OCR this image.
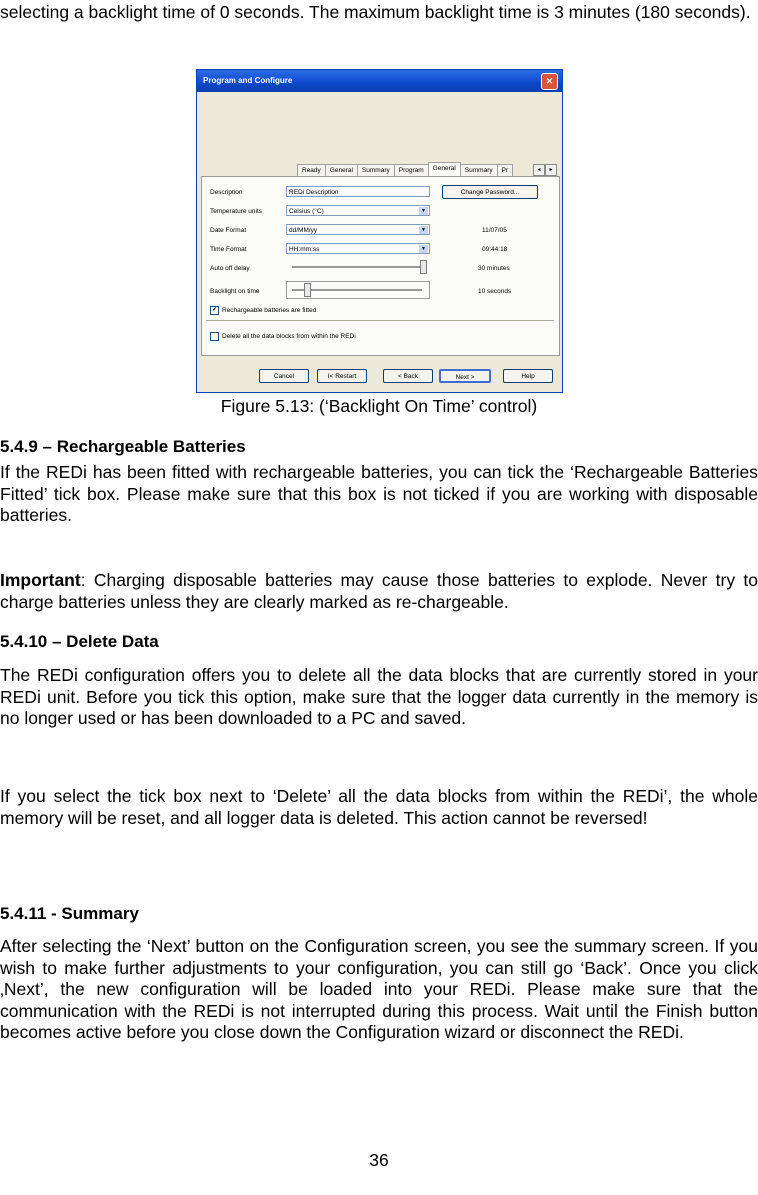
selecting a backlight time of 0 seconds. The maximum backlight time is 3 minutes (180 seconds).

Program and Configure	✕
Ready	General	Summary	Program	General	Summary	Pr	◂	▸
Description	REDi Description	Change Password...
Temperature units	Celsius (°C)	▼
Date Format	dd/MM/yy	▼	11/07/05
Time Format	HH:mm:ss	▼	09:44:18
Auto off delay	30 minutes
Backlight on time	10 seconds
✔ Rechargeable batteries are fitted
Delete all the data blocks from within the REDi
Cancel	I< Restart	< Back	Next >	Help
Figure 5.13: (‘Backlight On Time’ control)
5.4.9 – Rechargeable Batteries

If the REDi has been fitted with rechargeable batteries, you can tick the ‘Rechargeable Batteries Fitted’ tick box. Please make sure that this box is not ticked if you are working with disposable batteries.

Important: Charging disposable batteries may cause those batteries to explode. Never try to charge batteries unless they are clearly marked as re-chargeable.

5.4.10 – Delete Data

The REDi configuration offers you to delete all the data blocks that are currently stored in your REDi unit. Before you tick this option, make sure that the logger data currently in the memory is no longer used or has been downloaded to a PC and saved.

If you select the tick box next to ‘Delete’ all the data blocks from within the REDi’, the whole memory will be reset, and all logger data is deleted. This action cannot be reversed!

5.4.11 - Summary

After selecting the ‘Next’ button on the Configuration screen, you see the summary screen. If you wish to make further adjustments to your configuration, you can still go ‘Back’. Once you click ‚Next’, the new configuration will be loaded into your REDi. Please make sure that the communication with the REDi is not interrupted during this process. Wait until the Finish button becomes active before you close down the Configuration wizard or disconnect the REDi.

36
